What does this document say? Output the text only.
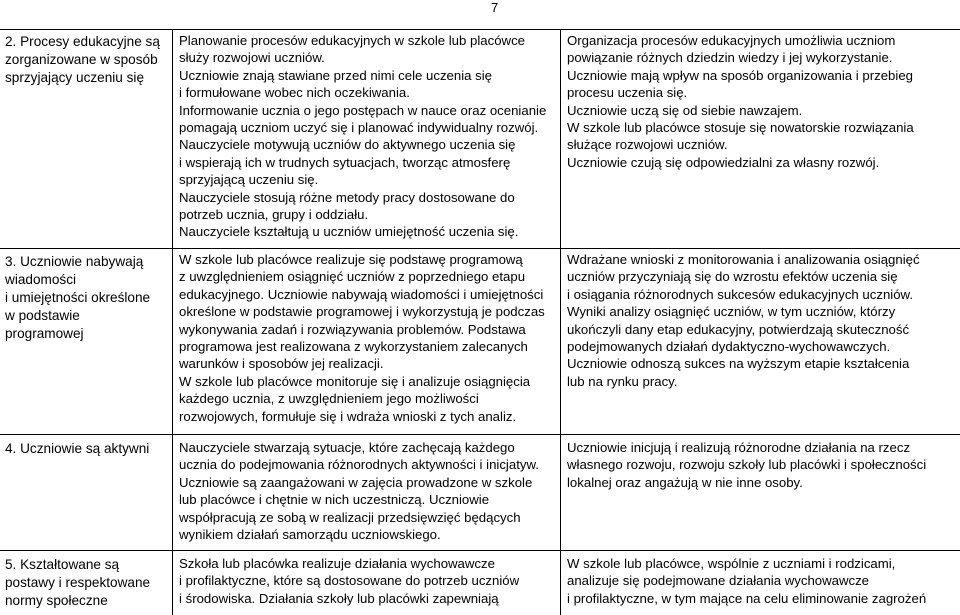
7
2. Procesy edukacyjne są
zorganizowane w sposób
sprzyjający uczeniu się
Planowanie procesów edukacyjnych w szkole lub placówce
służy rozwojowi uczniów.
Uczniowie znają stawiane przed nimi cele uczenia się
i formułowane wobec nich oczekiwania.
Informowanie ucznia o jego postępach w nauce oraz ocenianie
pomagają uczniom uczyć się i planować indywidualny rozwój.
Nauczyciele motywują uczniów do aktywnego uczenia się
i wspierają ich w trudnych sytuacjach, tworząc atmosferę
sprzyjającą uczeniu się.
Nauczyciele stosują różne metody pracy dostosowane do
potrzeb ucznia, grupy i oddziału.
Nauczyciele kształtują u uczniów umiejętność uczenia się.
Organizacja procesów edukacyjnych umożliwia uczniom
powiązanie różnych dziedzin wiedzy i jej wykorzystanie.
Uczniowie mają wpływ na sposób organizowania i przebieg
procesu uczenia się.
Uczniowie uczą się od siebie nawzajem.
W szkole lub placówce stosuje się nowatorskie rozwiązania
służące rozwojowi uczniów.
Uczniowie czują się odpowiedzialni za własny rozwój.
3. Uczniowie nabywają
wiadomości
i umiejętności określone
w podstawie
programowej
W szkole lub placówce realizuje się podstawę programową
z uwzględnieniem osiągnięć uczniów z poprzedniego etapu
edukacyjnego. Uczniowie nabywają wiadomości i umiejętności
określone w podstawie programowej i wykorzystują je podczas
wykonywania zadań i rozwiązywania problemów. Podstawa
programowa jest realizowana z wykorzystaniem zalecanych
warunków i sposobów jej realizacji.
W szkole lub placówce monitoruje się i analizuje osiągnięcia
każdego ucznia, z uwzględnieniem jego możliwości
rozwojowych, formułuje się i wdraża wnioski z tych analiz.
Wdrażane wnioski z monitorowania i analizowania osiągnięć
uczniów przyczyniają się do wzrostu efektów uczenia się
i osiągania różnorodnych sukcesów edukacyjnych uczniów.
Wyniki analizy osiągnięć uczniów, w tym uczniów, którzy
ukończyli dany etap edukacyjny, potwierdzają skuteczność
podejmowanych działań dydaktyczno-wychowawczych.
Uczniowie odnoszą sukces na wyższym etapie kształcenia
lub na rynku pracy.
4. Uczniowie są aktywni Nauczyciele stwarzają sytuacje, które zachęcają każdego
ucznia do podejmowania różnorodnych aktywności i inicjatyw.
Uczniowie są zaangażowani w zajęcia prowadzone w szkole
lub placówce i chętnie w nich uczestniczą. Uczniowie
współpracują ze sobą w realizacji przedsięwzięć będących
wynikiem działań samorządu uczniowskiego.
Uczniowie inicjują i realizują różnorodne działania na rzecz
własnego rozwoju, rozwoju szkoły lub placówki i społeczności
lokalnej oraz angażują w nie inne osoby.
5. Kształtowane są
postawy i respektowane
normy społeczne
Szkoła lub placówka realizuje działania wychowawcze
i profilaktyczne, które są dostosowane do potrzeb uczniów
i środowiska. Działania szkoły lub placówki zapewniają
W szkole lub placówce, wspólnie z uczniami i rodzicami,
analizuje się podejmowane działania wychowawcze
i profilaktyczne, w tym mające na celu eliminowanie zagrożeń
